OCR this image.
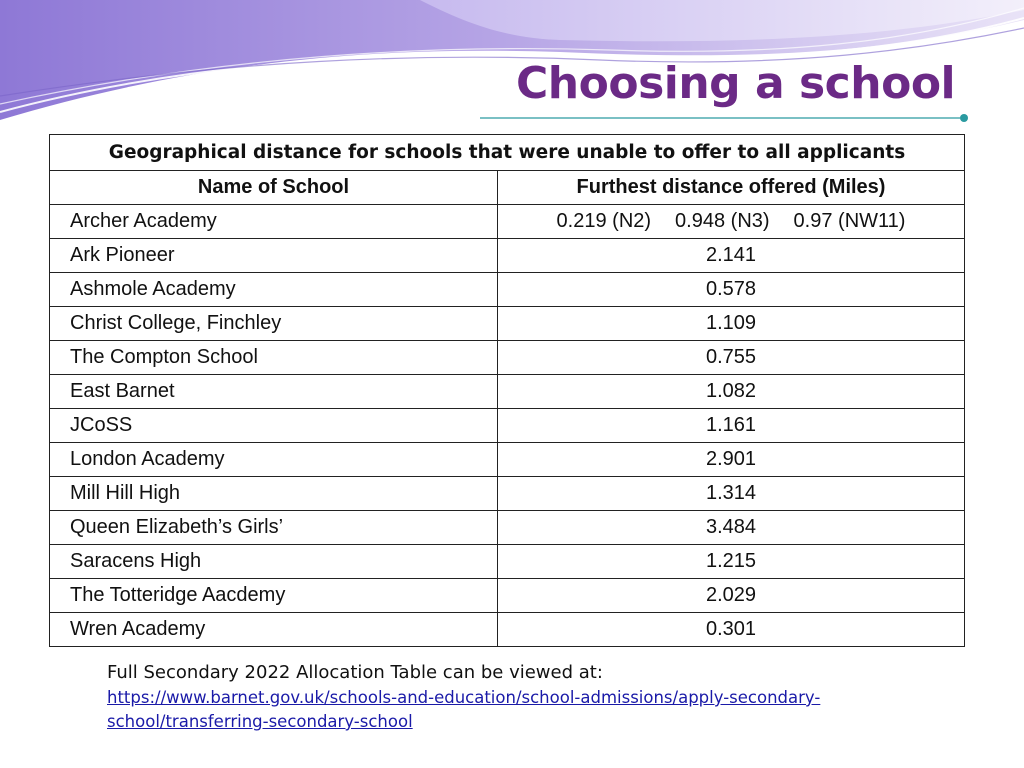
Choosing a school
Geographical distance for schools that were unable to offer to all applicants	
Name of School	Furthest distance offered (Miles)
Archer Academy	0.219 (N2) 0.948 (N3) 0.97 (NW11)
Ark Pioneer	2.141
Ashmole Academy	0.578
Christ College, Finchley	1.109
The Compton School	0.755
East Barnet	1.082
JCoSS	1.161
London Academy	2.901
Mill Hill High	1.314
Queen Elizabeth’s Girls’	3.484
Saracens High	1.215
The Totteridge Aacdemy	2.029
Wren Academy	0.301
Full Secondary 2022 Allocation Table can be viewed at:
https://www.barnet.gov.uk/schools-and-education/school-admissions/apply-secondary-
school/transferring-secondary-school
